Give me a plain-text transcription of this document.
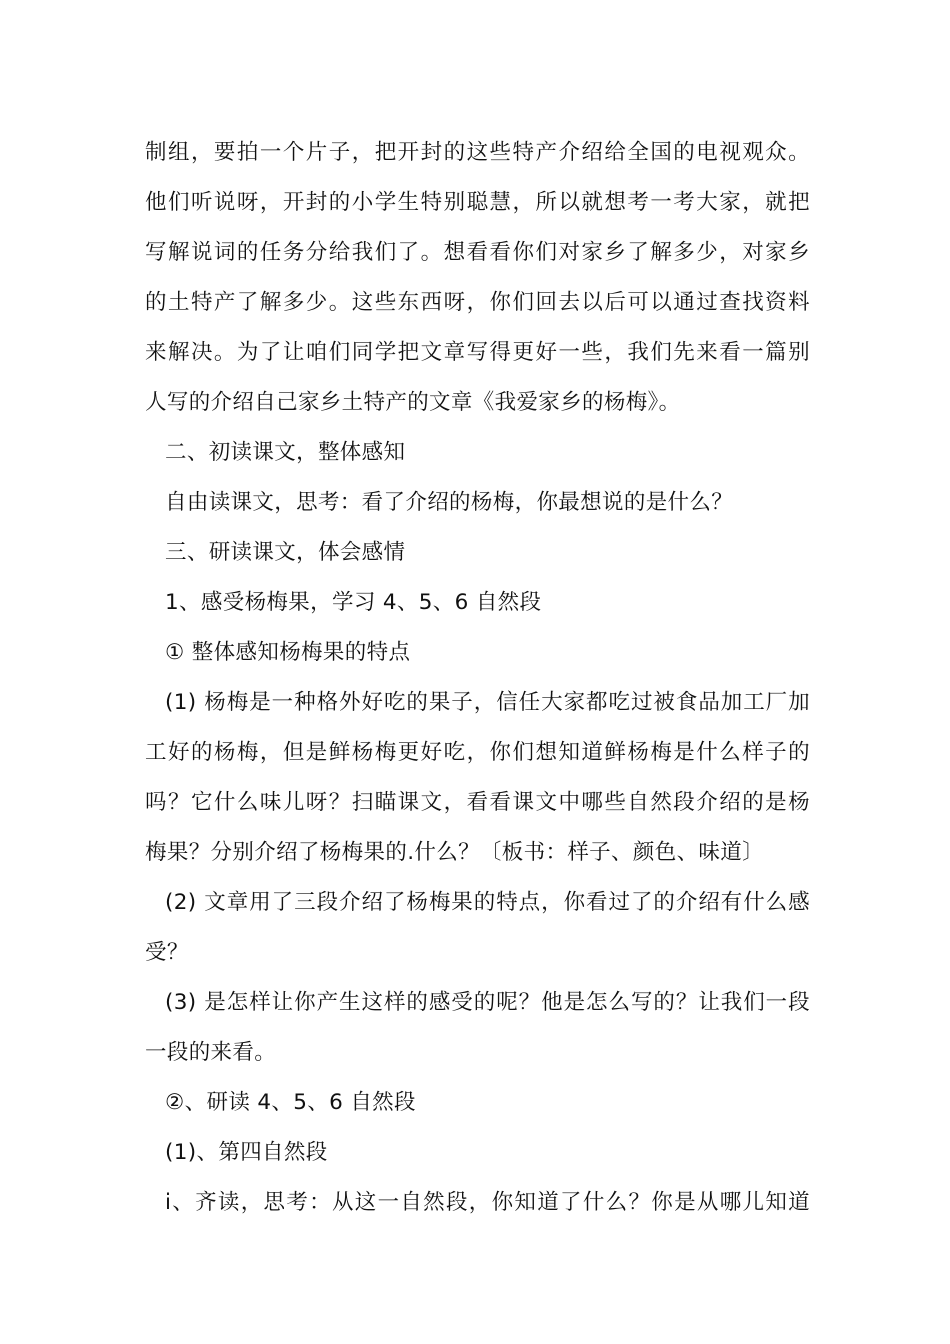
制组，要拍一个片子，把开封的这些特产介绍给全国的电视观众。
他们听说呀，开封的小学生特别聪慧，所以就想考一考大家，就把
写解说词的任务分给我们了。想看看你们对家乡了解多少，对家乡
的土特产了解多少。这些东西呀，你们回去以后可以通过查找资料
来解决。为了让咱们同学把文章写得更好一些，我们先来看一篇别
人写的介绍自己家乡土特产的文章《我爱家乡的杨梅》。
二、初读课文，整体感知
自由读课文，思考：看了介绍的杨梅，你最想说的是什么？
三、研读课文，体会感情
1、感受杨梅果，学习 4、5、6 自然段
① 整体感知杨梅果的特点
(1) 杨梅是一种格外好吃的果子，信任大家都吃过被食品加工厂加
工好的杨梅，但是鲜杨梅更好吃，你们想知道鲜杨梅是什么样子的
吗？它什么味儿呀？扫瞄课文，看看课文中哪些自然段介绍的是杨
梅果？分别介绍了杨梅果的.什么？〔板书：样子、颜色、味道〕
(2) 文章用了三段介绍了杨梅果的特点，你看过了的介绍有什么感
受？
(3) 是怎样让你产生这样的感受的呢？他是怎么写的？让我们一段
一段的来看。
②、研读 4、5、6 自然段
(1)、第四自然段
i、齐读，思考：从这一自然段，你知道了什么？你是从哪儿知道
